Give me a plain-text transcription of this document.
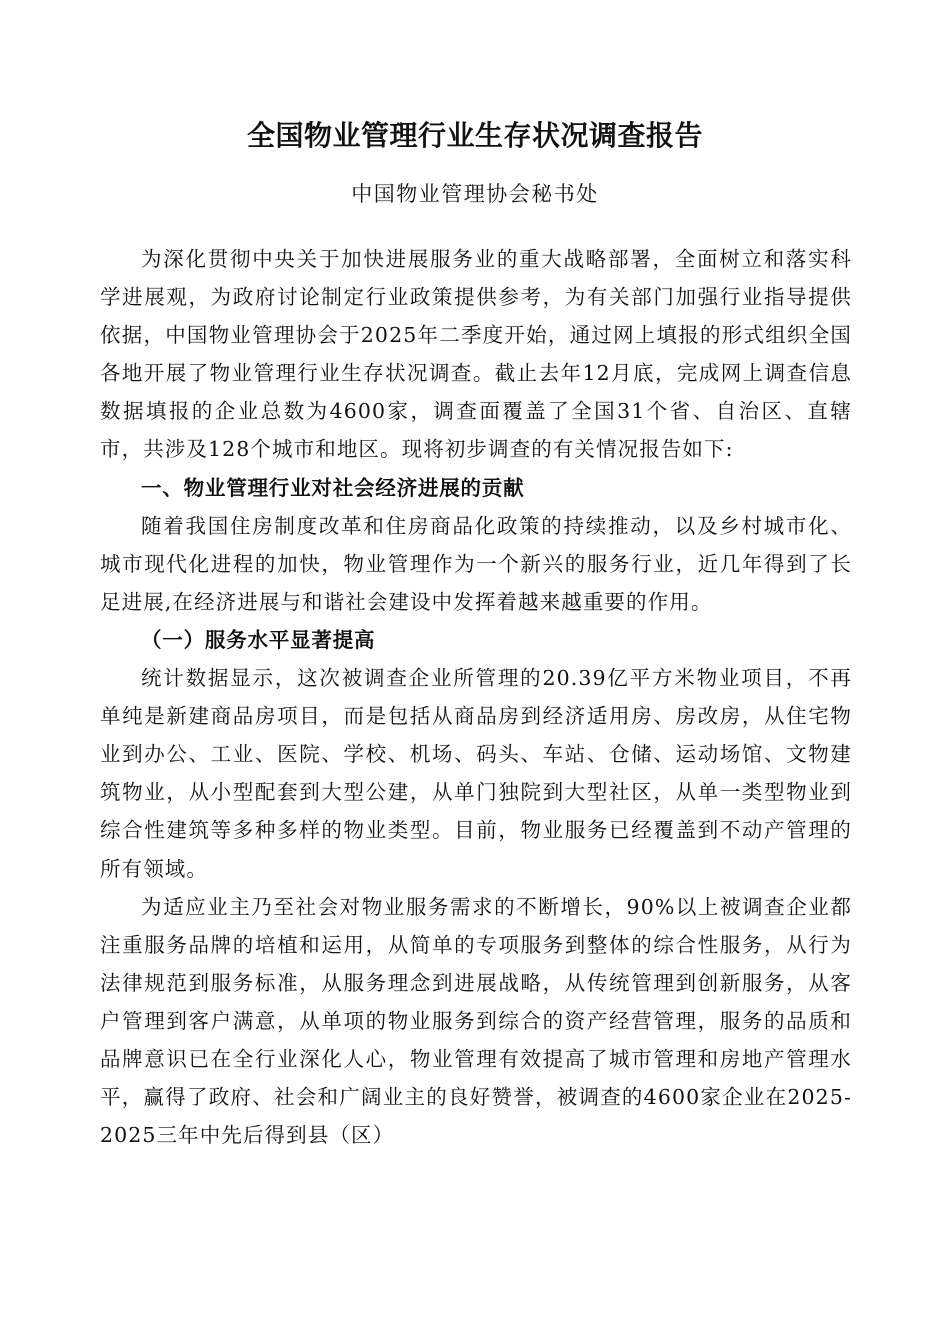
全国物业管理行业生存状况调查报告
中国物业管理协会秘书处

为深化贯彻中央关于加快进展服务业的重大战略部署，全面树立和落实科学进展观，为政府讨论制定行业政策提供参考，为有关部门加强行业指导提供依据，中国物业管理协会于2025年二季度开始，通过网上填报的形式组织全国各地开展了物业管理行业生存状况调查。截止去年12月底，完成网上调查信息数据填报的企业总数为4600家，调查面覆盖了全国31个省、自治区、直辖市，共涉及128个城市和地区。现将初步调查的有关情况报告如下:

一、物业管理行业对社会经济进展的贡献

随着我国住房制度改革和住房商品化政策的持续推动，以及乡村城市化、城市现代化进程的加快，物业管理作为一个新兴的服务行业，近几年得到了长足进展,在经济进展与和谐社会建设中发挥着越来越重要的作用。

（一）服务水平显著提高

统计数据显示，这次被调查企业所管理的20.39亿平方米物业项目，不再单纯是新建商品房项目，而是包括从商品房到经济适用房、房改房，从住宅物业到办公、工业、医院、学校、机场、码头、车站、仓储、运动场馆、文物建筑物业，从小型配套到大型公建，从单门独院到大型社区，从单一类型物业到综合性建筑等多种多样的物业类型。目前，物业服务已经覆盖到不动产管理的所有领域。

为适应业主乃至社会对物业服务需求的不断增长，90%以上被调查企业都注重服务品牌的培植和运用，从简单的专项服务到整体的综合性服务，从行为法律规范到服务标准，从服务理念到进展战略，从传统管理到创新服务，从客户管理到客户满意，从单项的物业服务到综合的资产经营管理，服务的品质和品牌意识已在全行业深化人心，物业管理有效提高了城市管理和房地产管理水平，赢得了政府、社会和广阔业主的良好赞誉，被调查的4600家企业在2025-2025三年中先后得到县（区）
